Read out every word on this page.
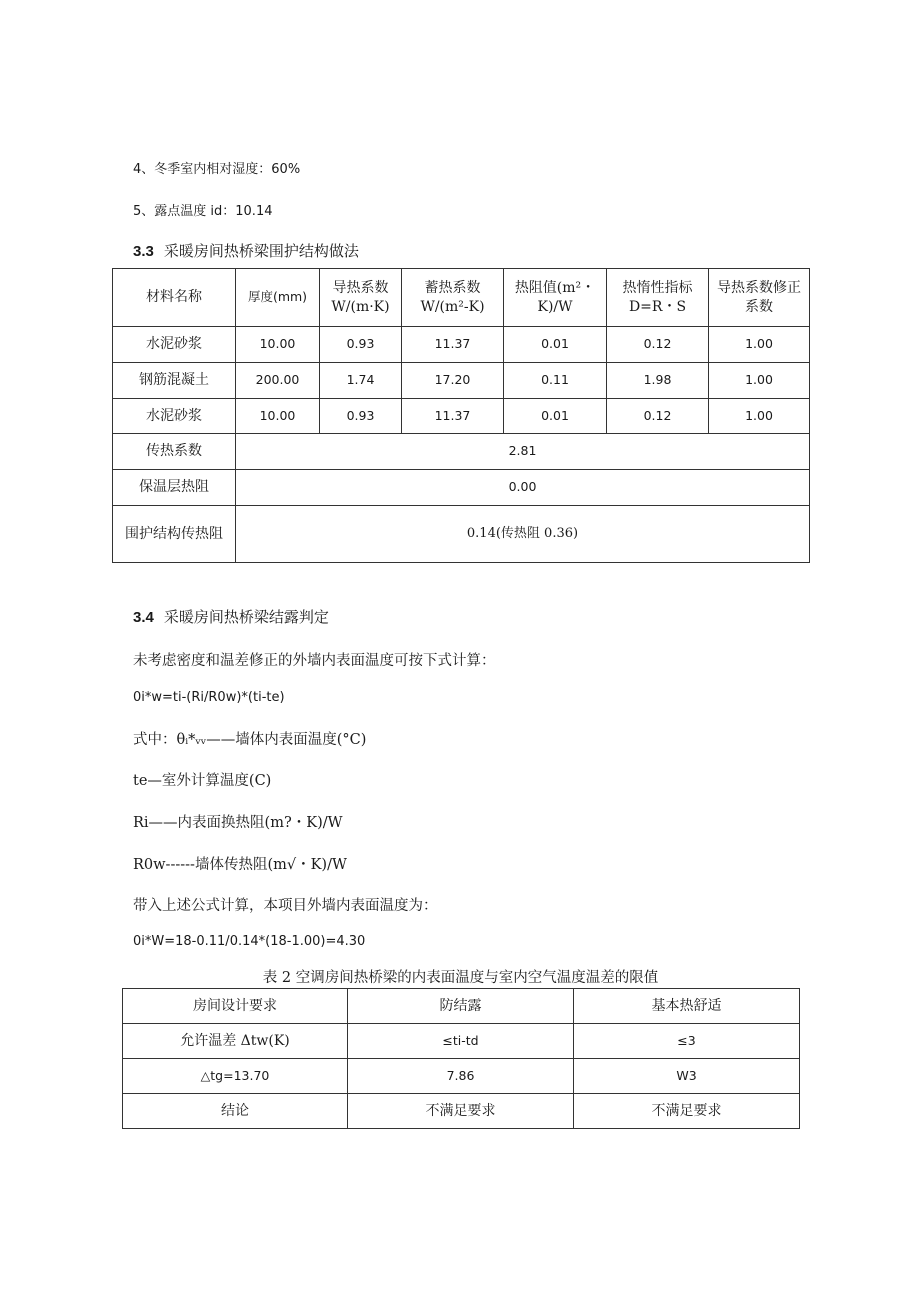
4、冬季室内相对湿度：60%
5、露点温度 id：10.14
3.3 采暖房间热桥梁围护结构做法
材料名称	厚度(mm)	导热系数W/(m·K)	蓄热系数W/(m²-K)	热阻值(m²・K)/W	热惰性指标D=R・S	导热系数修正系数
水泥砂浆	10.00	0.93	11.37	0.01	0.12	1.00
钢筋混凝土	200.00	1.74	17.20	0.11	1.98	1.00
水泥砂浆	10.00	0.93	11.37	0.01	0.12	1.00
传热系数	2.81					
保温层热阻	0.00					
围护结构传热阻	0.14(传热阻 0.36)					
3.4 采暖房间热桥梁结露判定
未考虑密度和温差修正的外墙内表面温度可按下式计算：
0i*w=ti-(Ri/R0w)*(ti-te)
式中：θᵢ*ᵥᵥ——墙体内表面温度(°C)
te—室外计算温度(C)
Ri——内表面换热阻(m?・K)/W
R0w------墙体传热阻(m√・K)/W
带入上述公式计算，本项目外墙内表面温度为：
0i*W=18-0.11/0.14*(18-1.00)=4.30
表 2 空调房间热桥梁的内表面温度与室内空气温度温差的限值
房间设计要求	防结露	基本热舒适
允许温差 Δtw(K)	≤ti-td	≤3
△tg=13.70	7.86	W3
结论	不满足要求	不满足要求
